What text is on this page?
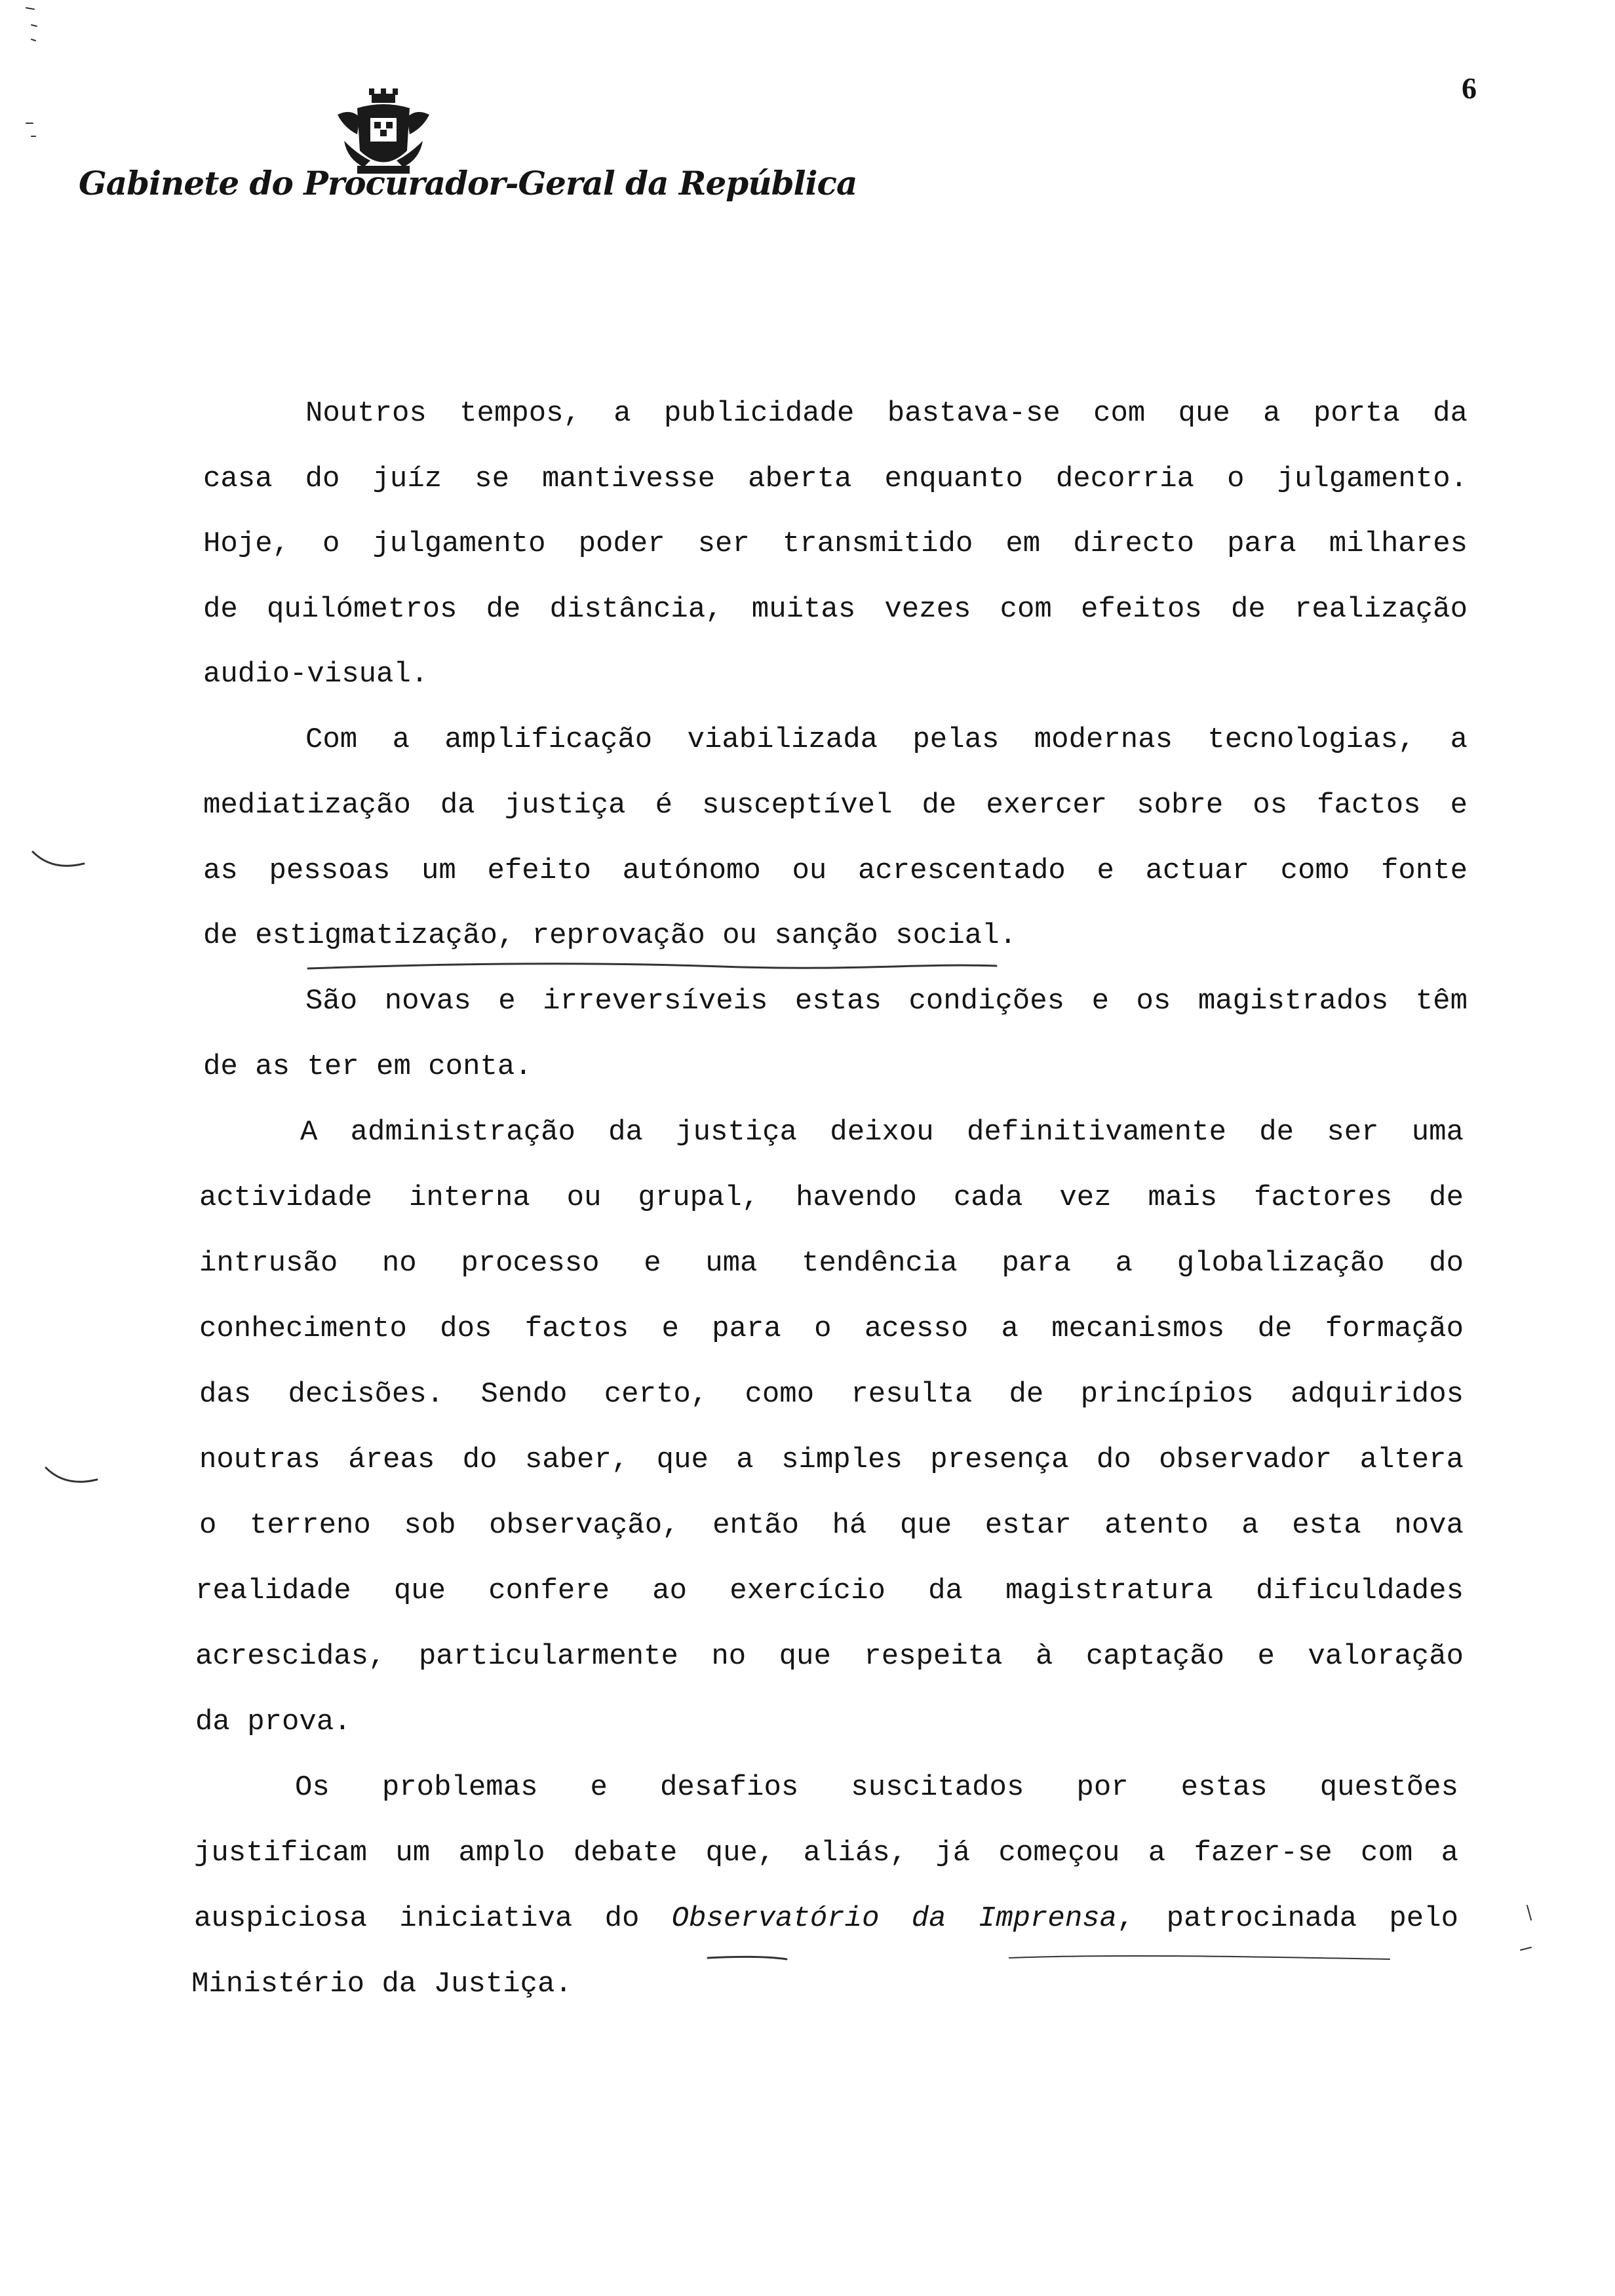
6
Gabinete do Procurador-Geral da República
Noutros tempos, a publicidade bastava-se com que a porta da
casa do juíz se mantivesse aberta enquanto decorria o julgamento.
Hoje, o julgamento poder ser transmitido em directo para milhares
de quilómetros de distância, muitas vezes com efeitos de realização
audio-visual.
Com a amplificação viabilizada pelas modernas tecnologias, a
mediatização da justiça é susceptível de exercer sobre os factos e
as pessoas um efeito autónomo ou acrescentado e actuar como fonte
de estigmatização, reprovação ou sanção social.
São novas e irreversíveis estas condições e os magistrados têm
de as ter em conta.
A administração da justiça deixou definitivamente de ser uma
actividade interna ou grupal, havendo cada vez mais factores de
intrusão no processo e uma tendência para a globalização do
conhecimento dos factos e para o acesso a mecanismos de formação
das decisões. Sendo certo, como resulta de princípios adquiridos
noutras áreas do saber, que a simples presença do observador altera
o terreno sob observação, então há que estar atento a esta nova
realidade que confere ao exercício da magistratura dificuldades
acrescidas, particularmente no que respeita à captação e valoração
da prova.
Os problemas e desafios suscitados por estas questões
justificam um amplo debate que, aliás, já começou a fazer-se com a
auspiciosa iniciativa do Observatório da Imprensa, patrocinada pelo
Ministério da Justiça.
